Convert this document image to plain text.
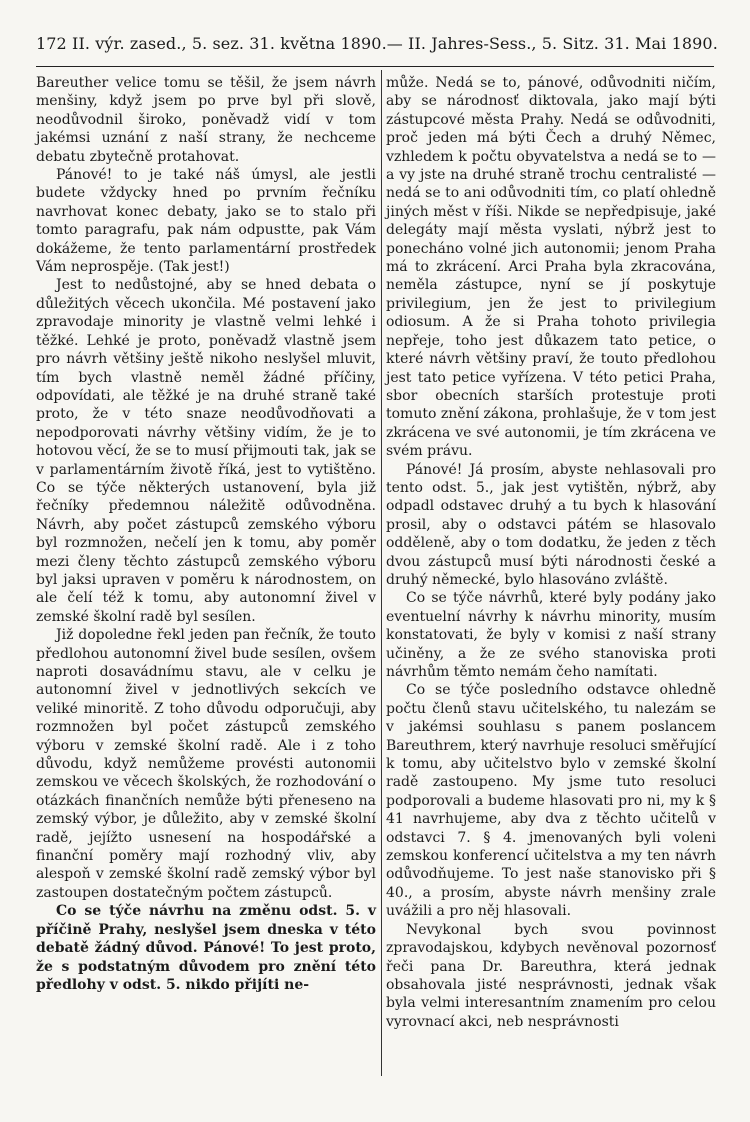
172 II. výr. zased., 5. sez. 31. května 1890. — II. Jahres-Sess., 5. Sitz. 31. Mai 1890.

Bareuther velice tomu se těšil, že jsem návrh menšiny, když jsem po prve byl při slově, neodůvodnil široko, poněvadž vidí v tom jakémsi uznání z naší strany, že nechceme debatu zbytečně protahovat.

Pánové! to je také náš úmysl, ale jestli budete vždycky hned po prvním řečníku navrhovat konec debaty, jako se to stalo při tomto paragrafu, pak nám odpustte, pak Vám dokážeme, že tento parlamentární prostředek Vám neprospěje. (Tak jest!)

Jest to nedůstojné, aby se hned debata o důležitých věcech ukončila. Mé postavení jako zpravodaje minority je vlastně velmi lehké i těžké. Lehké je proto, poněvadž vlastně jsem pro návrh většiny ještě nikoho neslyšel mluvit, tím bych vlastně neměl žádné příčiny, odpovídati, ale těžké je na druhé straně také proto, že v této snaze neodůvodňovati a nepodporovati návrhy většiny vidím, že je to hotovou věcí, že se to musí přijmouti tak, jak se v parlamentárním životě říká, jest to vytištěno. Co se týče některých ustanovení, byla již řečníky předemnou náležitě odůvodněna. Návrh, aby počet zástupců zemského výboru byl rozmnožen, nečelí jen k tomu, aby poměr mezi členy těchto zástupců zemského výboru byl jaksi upraven v poměru k národnostem, on ale čelí též k tomu, aby autonomní živel v zemské školní radě byl sesílen.

Již dopoledne řekl jeden pan řečník, že touto předlohou autonomní živel bude sesílen, ovšem naproti dosavádnímu stavu, ale v celku je autonomní živel v jednotlivých sekcích ve veliké minoritě. Z toho důvodu odporučuji, aby rozmnožen byl počet zástupců zemského výboru v zemské školní radě. Ale i z toho důvodu, když nemůžeme provésti autonomii zemskou ve věcech školských, že rozhodování o otázkách finančních nemůže býti přeneseno na zemský výbor, je důležito, aby v zemské školní radě, jejížto usnesení na hospodářské a finanční poměry mají rozhodný vliv, aby alespoň v zemské školní radě zemský výbor byl zastoupen dostatečným počtem zástupců.

Co se týče návrhu na změnu odst. 5. v příčině Prahy, neslyšel jsem dneska v této debatě žádný důvod. Pánové! To jest proto, že s podstatným důvodem pro znění této předlohy v odst. 5. nikdo přijíti ne-

může. Nedá se to, pánové, odůvodniti ničím, aby se národnosť diktovala, jako mají býti zástupcové města Prahy. Nedá se odůvodniti, proč jeden má býti Čech a druhý Němec, vzhledem k počtu obyvatelstva a nedá se to — a vy jste na druhé straně trochu centralisté — nedá se to ani odůvodniti tím, co platí ohledně jiných měst v říši. Nikde se nepředpisuje, jaké delegáty mají města vyslati, nýbrž jest to ponecháno volné jich autonomii; jenom Praha má to zkrácení. Arci Praha byla zkracována, neměla zástupce, nyní se jí poskytuje privilegium, jen že jest to privilegium odiosum. A že si Praha tohoto privilegia nepřeje, toho jest důkazem tato petice, o které návrh většiny praví, že touto předlohou jest tato petice vyřízena. V této petici Praha, sbor obecních starších protestuje proti tomuto znění zákona, prohlašuje, že v tom jest zkrácena ve své autonomii, je tím zkrácena ve svém právu.

Pánové! Já prosím, abyste nehlasovali pro tento odst. 5., jak jest vytištěn, nýbrž, aby odpadl odstavec druhý a tu bych k hlasování prosil, aby o odstavci pátém se hlasovalo odděleně, aby o tom dodatku, že jeden z těch dvou zástupců musí býti národnosti české a druhý německé, bylo hlasováno zvláště.

Co se týče návrhů, které byly podány jako eventuelní návrhy k návrhu minority, musím konstatovati, že byly v komisi z naší strany učiněny, a že ze svého stanoviska proti návrhům těmto nemám čeho namítati.

Co se týče posledního odstavce ohledně počtu členů stavu učitelského, tu nalezám se v jakémsi souhlasu s panem poslancem Bareuthrem, který navrhuje resoluci směřující k tomu, aby učitelstvo bylo v zemské školní radě zastoupeno. My jsme tuto resoluci podporovali a budeme hlasovati pro ni, my k § 41 navrhujeme, aby dva z těchto učitelů v odstavci 7. § 4. jmenovaných byli voleni zemskou konferencí učitelstva a my ten návrh odůvodňujeme. To jest naše stanovisko při § 40., a prosím, abyste návrh menšiny zrale uvážili a pro něj hlasovali.

Nevykonal bych svou povinnost zpravodajskou, kdybych nevěnoval pozornosť řeči pana Dr. Bareuthra, která jednak obsahovala jisté nesprávnosti, jednak však byla velmi interesantním znamením pro celou vyrovnací akci, neb nesprávnosti
